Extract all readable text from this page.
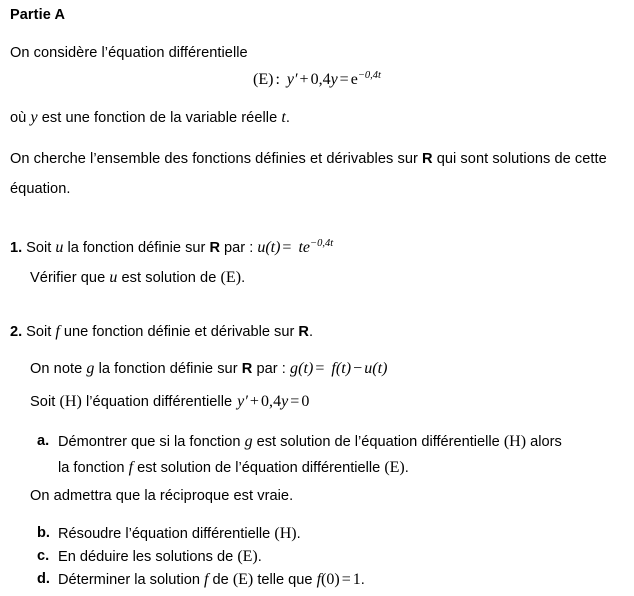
Partie A
On considère l’équation différentielle
(E) : $y' + 0,4y = e^{-0,4t}$
où y est une fonction de la variable réelle t.
On cherche l’ensemble des fonctions définies et dérivables sur R qui sont solutions de cette équation.
1. Soit u la fonction définie sur R par : $u(t) = te^{-0,4t}$
Vérifier que u est solution de (E).
2. Soit f une fonction définie et dérivable sur R.
On note g la fonction définie sur R par : g(t) = f(t) − u(t)
Soit (H) l’équation différentielle y′ + 0,4y = 0
a. Démontrer que si la fonction g est solution de l’équation différentielle (H) alors
la fonction f est solution de l’équation différentielle (E).
On admettra que la réciproque est vraie.
b. Résoudre l’équation différentielle (H).
c. En déduire les solutions de (E).
d. Déterminer la solution f de (E) telle que f(0) = 1.
